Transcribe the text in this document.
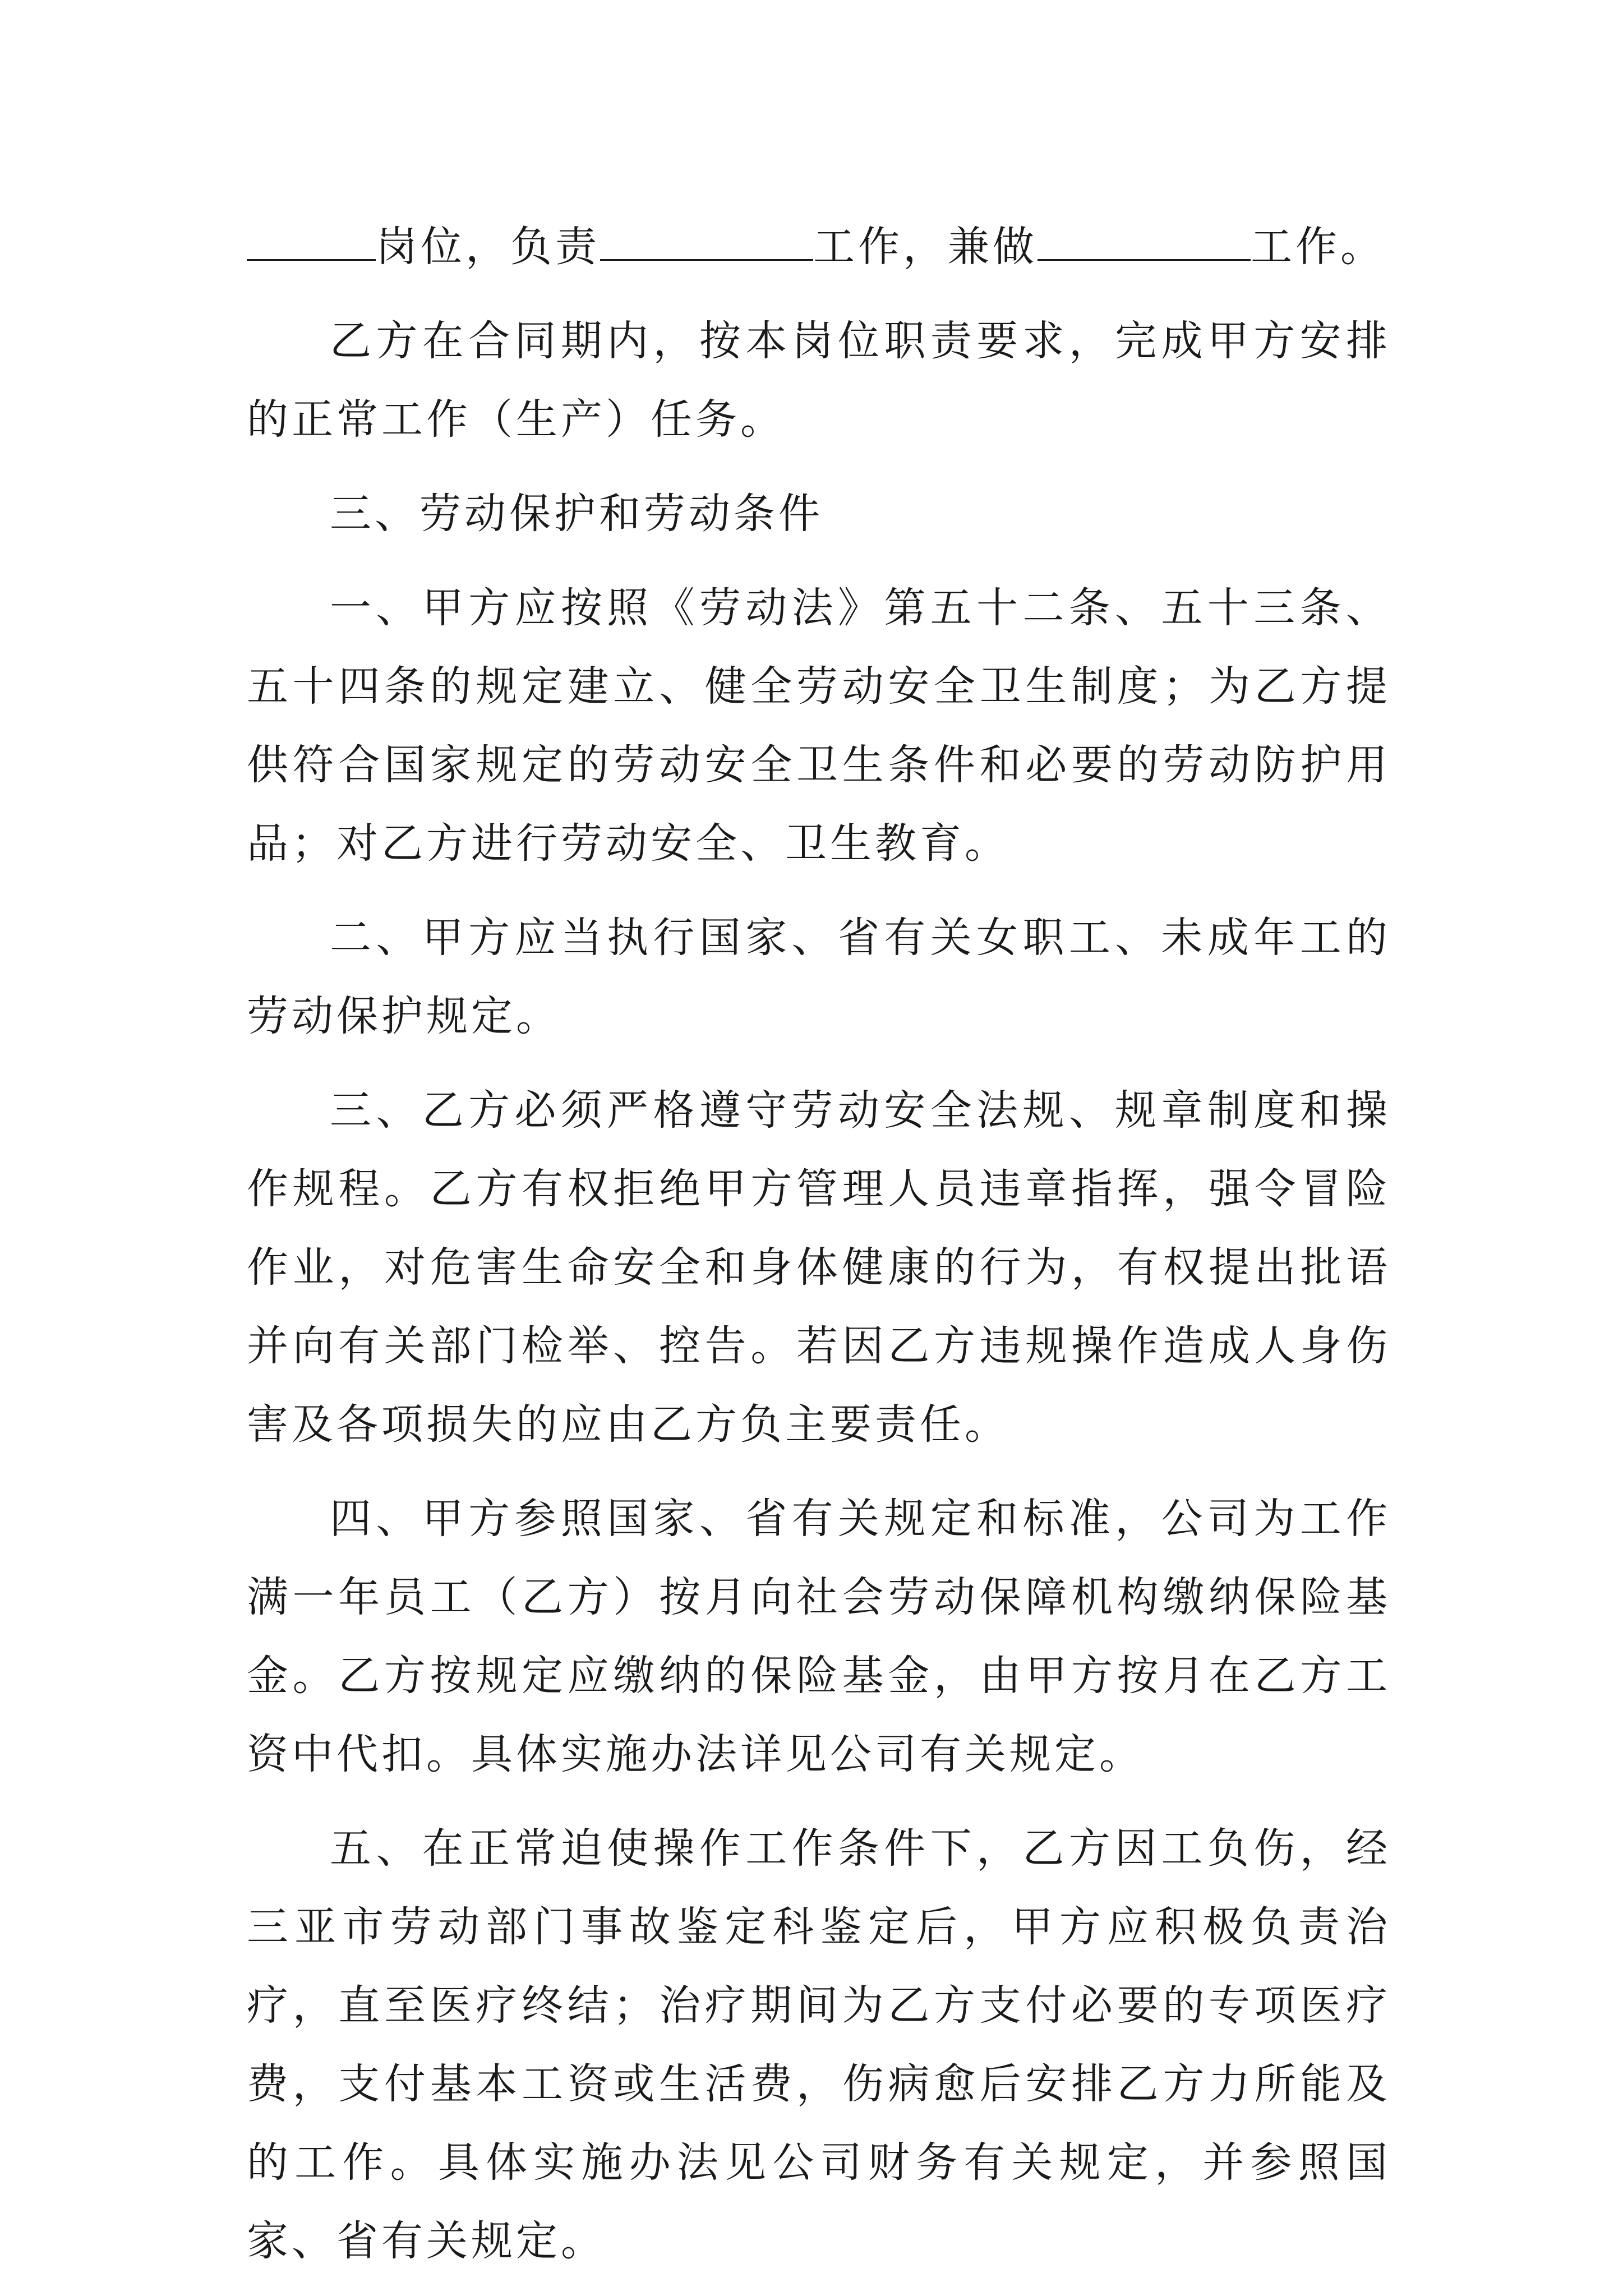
岗位，负责	工作，兼做	工作。

乙方在合同期内，按本岗位职责要求，完成甲方安排的正常工作（生产）任务。

三、劳动保护和劳动条件

一、甲方应按照《劳动法》第五十二条、五十三条、五十四条的规定建立、健全劳动安全卫生制度；为乙方提供符合国家规定的劳动安全卫生条件和必要的劳动防护用品；对乙方进行劳动安全、卫生教育。

二、甲方应当执行国家、省有关女职工、未成年工的劳动保护规定。

三、乙方必须严格遵守劳动安全法规、规章制度和操作规程。乙方有权拒绝甲方管理人员违章指挥，强令冒险作业，对危害生命安全和身体健康的行为，有权提出批语并向有关部门检举、控告。若因乙方违规操作造成人身伤害及各项损失的应由乙方负主要责任。

四、甲方参照国家、省有关规定和标准，公司为工作满一年员工（乙方）按月向社会劳动保障机构缴纳保险基金。乙方按规定应缴纳的保险基金，由甲方按月在乙方工资中代扣。具体实施办法详见公司有关规定。

五、在正常迫使操作工作条件下，乙方因工负伤，经三亚市劳动部门事故鉴定科鉴定后，甲方应积极负责治疗，直至医疗终结；治疗期间为乙方支付必要的专项医疗费，支付基本工资或生活费，伤病愈后安排乙方力所能及的工作。具体实施办法见公司财务有关规定，并参照国家、省有关规定。
